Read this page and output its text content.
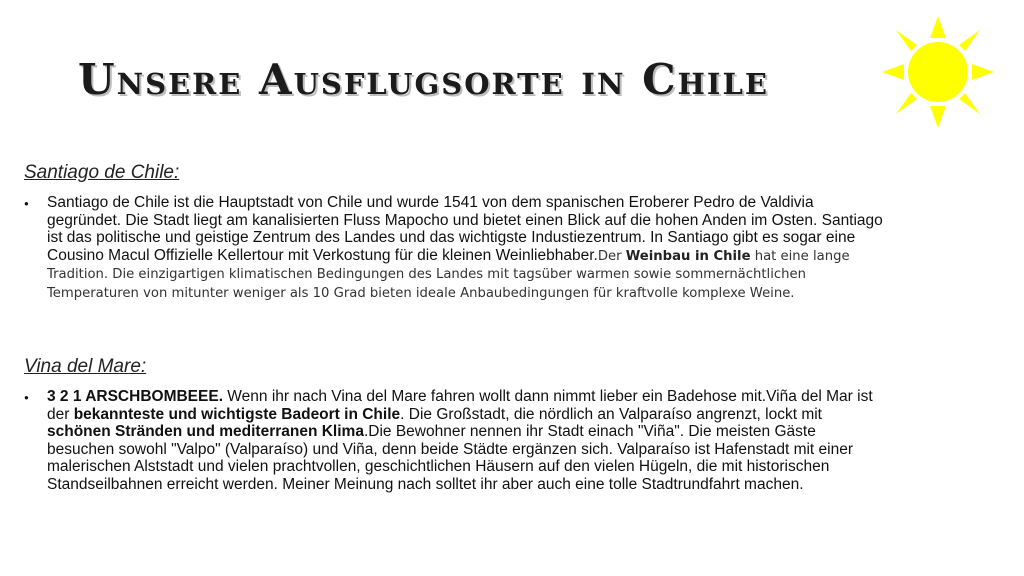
Unsere Ausflugsorte in Chile
Santiago de Chile:
● Santiago de Chile ist die Hauptstadt von Chile und wurde 1541 von dem spanischen Eroberer Pedro de Valdivia gegründet. Die Stadt liegt am kanalisierten Fluss Mapocho und bietet einen Blick auf die hohen Anden im Osten. Santiago ist das politische und geistige Zentrum des Landes und das wichtigste Industiezentrum. In Santiago gibt es sogar eine Cousino Macul Offizielle Kellertour mit Verkostung für die kleinen Weinliebhaber.Der Weinbau in Chile hat eine lange Tradition. Die einzigartigen klimatischen Bedingungen des Landes mit tagsüber warmen sowie sommernächtlichen Temperaturen von mitunter weniger als 10 Grad bieten ideale Anbaubedingungen für kraftvolle komplexe Weine.
Vina del Mare:
● 3 2 1 ARSCHBOMBEEE. Wenn ihr nach Vina del Mare fahren wollt dann nimmt lieber ein Badehose mit.Viña del Mar ist der bekannteste und wichtigste Badeort in Chile. Die Großstadt, die nördlich an Valparaíso angrenzt, lockt mit schönen Stränden und mediterranen Klima.Die Bewohner nennen ihr Stadt einach "Viña". Die meisten Gäste besuchen sowohl "Valpo" (Valparaíso) und Viña, denn beide Städte ergänzen sich. Valparaíso ist Hafenstadt mit einer malerischen Alststadt und vielen prachtvollen, geschichtlichen Häusern auf den vielen Hügeln, die mit historischen Standseilbahnen erreicht werden. Meiner Meinung nach solltet ihr aber auch eine tolle Stadtrundfahrt machen.
